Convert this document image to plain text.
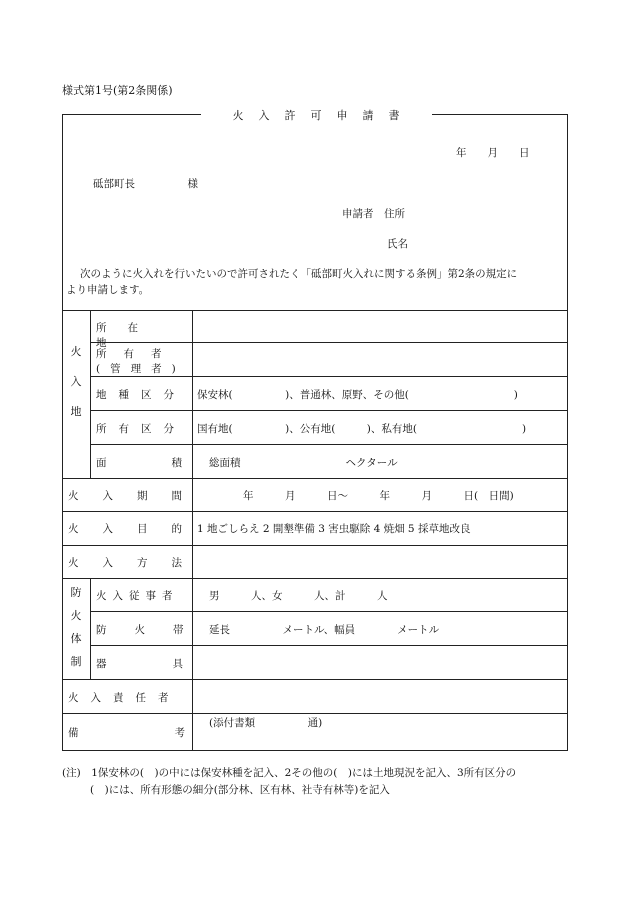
様式第1号(第2条関係)
火　入　許　可　申　請　書
年　　月　　日
砥部町長　　　　　様
申請者　住所
氏名
次のように火入れを行いたいので許可されたく「砥部町火入れに関する条例」第2条の規定に
より申請します。
火入地
防火体制
所在地
所有者
(管理者)
地種区分
所有区分
面積
火入期間
火入目的
火入方法
火入従事者
防火帯
器具
火入責任者
備考
保安林(　　　　　)、普通林、原野、その他(　　　　　　　　　　)
国有地(　　　　　)、公有地(　　　)、私有地(　　　　　　　　　　)
総面積　　　　　　　　　　ヘクタール
年　　　月　　　日～　　　年　　　月　　　日(　日間)
1 地ごしらえ 2 開墾準備 3 害虫駆除 4 焼畑 5 採草地改良
男　　　人、女　　　人、計　　　人
延長　　　　　メートル、幅員　　　　メートル
(添付書類　　　　　通)
(注)　1保安林の(　)の中には保安林種を記入、2その他の(　)には土地現況を記入、3所有区分の
(　)には、所有形態の細分(部分林、区有林、社寺有林等)を記入
